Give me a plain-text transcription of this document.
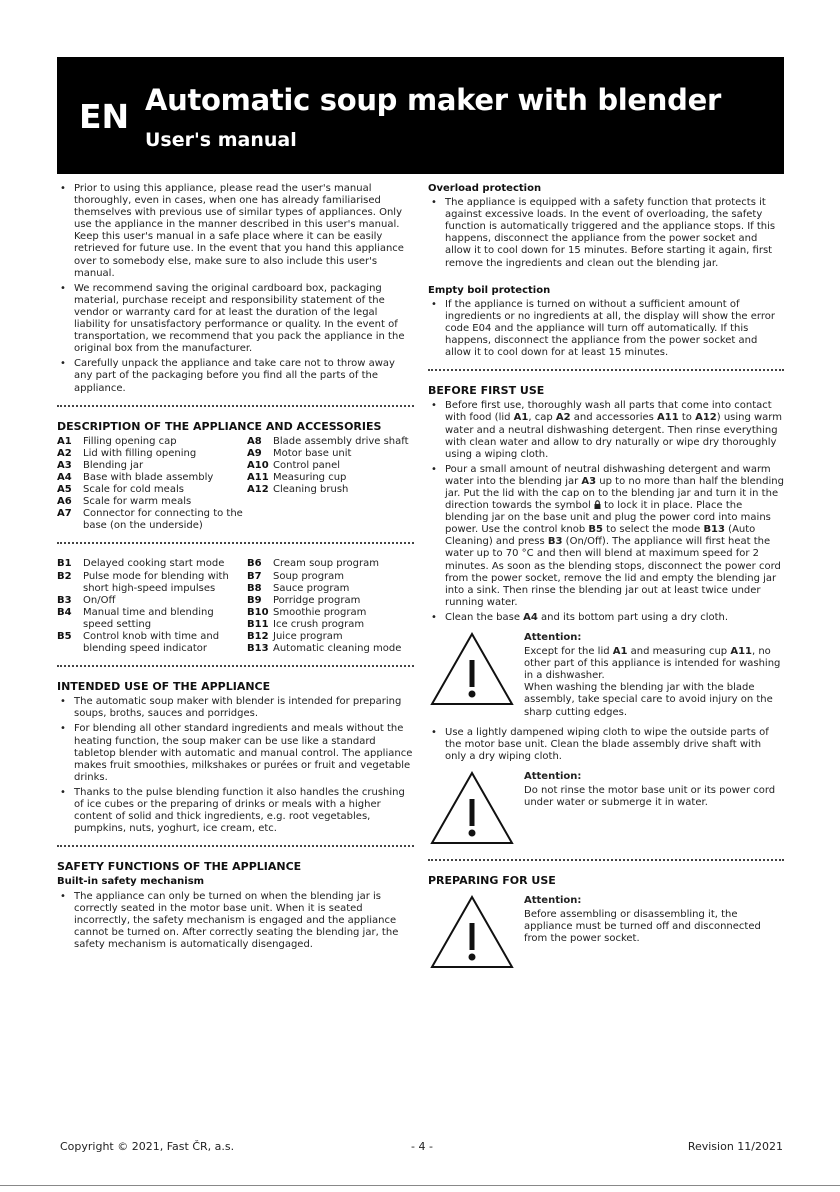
EN Automatic soup maker with blender
User's manual
• Prior to using this appliance, please read the user's manual thoroughly, even in cases, when one has already familiarised themselves with previous use of similar types of appliances. Only use the appliance in the manner described in this user's manual. Keep this user's manual in a safe place where it can be easily retrieved for future use. In the event that you hand this appliance over to somebody else, make sure to also include this user's manual.
• We recommend saving the original cardboard box, packaging material, purchase receipt and responsibility statement of the vendor or warranty card for at least the duration of the legal liability for unsatisfactory performance or quality. In the event of transportation, we recommend that you pack the appliance in the original box from the manufacturer.
• Carefully unpack the appliance and take care not to throw away any part of the packaging before you find all the parts of the appliance.
DESCRIPTION OF THE APPLIANCE AND ACCESSORIES
A1	Filling opening cap
A2	Lid with filling opening
A3	Blending jar
A4	Base with blade assembly
A5	Scale for cold meals
A6	Scale for warm meals
A7	Connector for connecting to the base (on the underside)
A8	Blade assembly drive shaft
A9	Motor base unit
A10 Control panel
A11 Measuring cup
A12 Cleaning brush
B1	Delayed cooking start mode
B2	Pulse mode for blending with short high-speed impulses
B3	On/Off
B4	Manual time and blending speed setting
B5	Control knob with time and blending speed indicator
B6	Cream soup program
B7	Soup program
B8	Sauce program
B9	Porridge program
B10 Smoothie program
B11 Ice crush program
B12 Juice program
B13 Automatic cleaning mode
INTENDED USE OF THE APPLIANCE
• The automatic soup maker with blender is intended for preparing soups, broths, sauces and porridges.
• For blending all other standard ingredients and meals without the heating function, the soup maker can be use like a standard tabletop blender with automatic and manual control. The appliance makes fruit smoothies, milkshakes or purées or fruit and vegetable drinks.
• Thanks to the pulse blending function it also handles the crushing of ice cubes or the preparing of drinks or meals with a higher content of solid and thick ingredients, e.g. root vegetables, pumpkins, nuts, yoghurt, ice cream, etc.
SAFETY FUNCTIONS OF THE APPLIANCE
Built-in safety mechanism
• The appliance can only be turned on when the blending jar is correctly seated in the motor base unit. When it is seated incorrectly, the safety mechanism is engaged and the appliance cannot be turned on. After correctly seating the blending jar, the safety mechanism is automatically disengaged.
Overload protection
• The appliance is equipped with a safety function that protects it against excessive loads. In the event of overloading, the safety function is automatically triggered and the appliance stops. If this happens, disconnect the appliance from the power socket and allow it to cool down for 15 minutes. Before starting it again, first remove the ingredients and clean out the blending jar.
Empty boil protection
• If the appliance is turned on without a sufficient amount of ingredients or no ingredients at all, the display will show the error code E04 and the appliance will turn off automatically. If this happens, disconnect the appliance from the power socket and allow it to cool down for at least 15 minutes.
BEFORE FIRST USE
• Before first use, thoroughly wash all parts that come into contact with food (lid A1, cap A2 and accessories A11 to A12) using warm water and a neutral dishwashing detergent. Then rinse everything with clean water and allow to dry naturally or wipe dry thoroughly using a wiping cloth.
• Pour a small amount of neutral dishwashing detergent and warm water into the blending jar A3 up to no more than half the blending jar. Put the lid with the cap on to the blending jar and turn it in the direction towards the symbol  to lock it in place. Place the blending jar on the base unit and plug the power cord into mains power. Use the control knob B5 to select the mode B13 (Auto Cleaning) and press B3 (On/Off). The appliance will first heat the water up to 70 °C and then will blend at maximum speed for 2 minutes. As soon as the blending stops, disconnect the power cord from the power socket, remove the lid and empty the blending jar into a sink. Then rinse the blending jar out at least twice under running water.
• Clean the base A4 and its bottom part using a dry cloth.
Attention:
Except for the lid A1 and measuring cup A11, no other part of this appliance is intended for washing in a dishwasher.
When washing the blending jar with the blade assembly, take special care to avoid injury on the sharp cutting edges.
• Use a lightly dampened wiping cloth to wipe the outside parts of the motor base unit. Clean the blade assembly drive shaft with only a dry wiping cloth.
Attention:
Do not rinse the motor base unit or its power cord under water or submerge it in water.
PREPARING FOR USE
Attention:
Before assembling or disassembling it, the appliance must be turned off and disconnected from the power socket.
Copyright © 2021, Fast ČR, a.s.	- 4 -	Revision 11/2021
